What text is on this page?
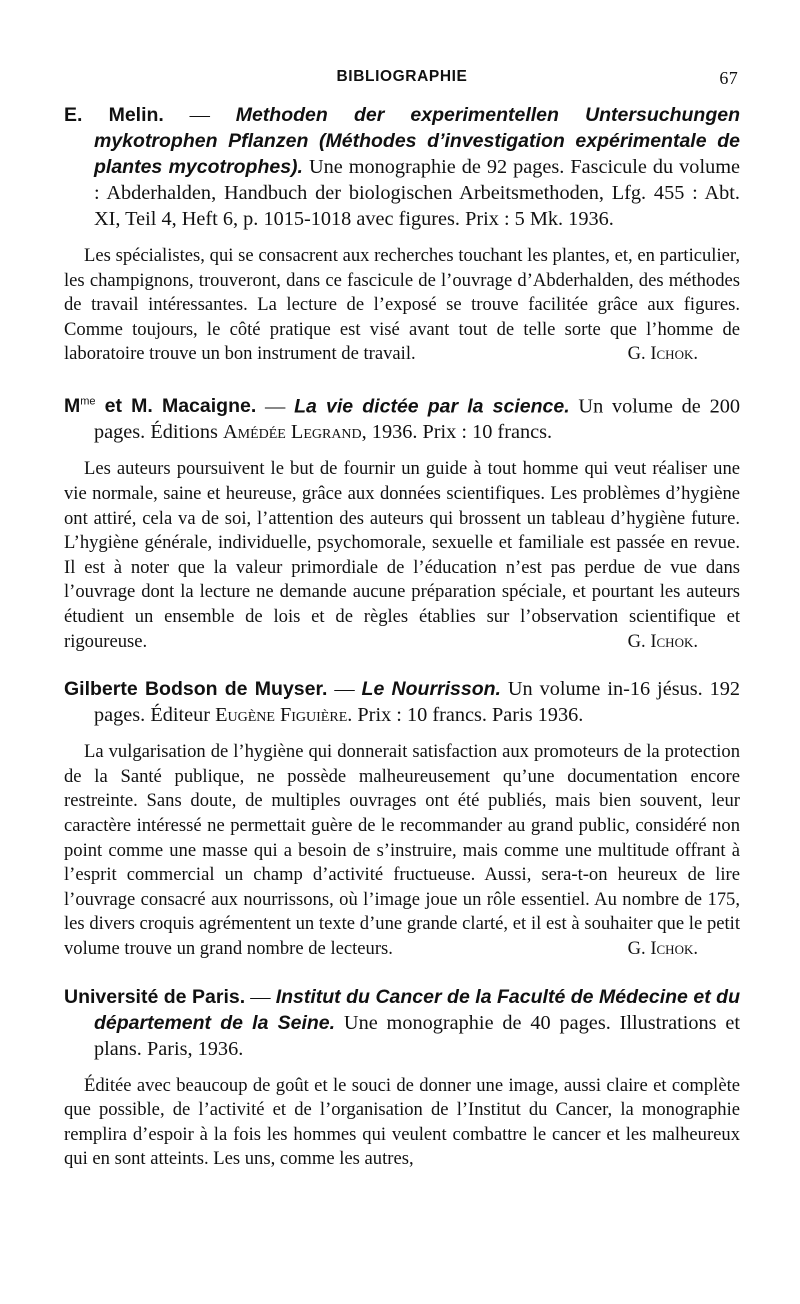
BIBLIOGRAPHIE	67
E. Melin. — Methoden der experimentellen Untersuchungen mykotrophen Pflanzen (Méthodes d’investigation expérimentale de plantes mycotrophes). Une monographie de 92 pages. Fascicule du volume : Abderhalden, Handbuch der biologischen Arbeitsmethoden, Lfg. 455 : Abt. XI, Teil 4, Heft 6, p. 1015-1018 avec figures. Prix : 5 Mk. 1936.

Les spécialistes, qui se consacrent aux recherches touchant les plantes, et, en particulier, les champignons, trouveront, dans ce fascicule de l’ouvrage d’Abderhalden, des méthodes de travail intéressantes. La lecture de l’exposé se trouve facilitée grâce aux figures. Comme toujours, le côté pratique est visé avant tout de telle sorte que l’homme de laboratoire trouve un bon instrument de travail.	G. Ichok.

$M^{me}$ et M. Macaigne. — La vie dictée par la science. Un volume de 200 pages. Éditions Amédée Legrand, 1936. Prix : 10 francs.

Les auteurs poursuivent le but de fournir un guide à tout homme qui veut réaliser une vie normale, saine et heureuse, grâce aux données scientifiques. Les problèmes d’hygiène ont attiré, cela va de soi, l’attention des auteurs qui brossent un tableau d’hygiène future. L’hygiène générale, individuelle, psychomorale, sexuelle et familiale est passée en revue. Il est à noter que la valeur primordiale de l’éducation n’est pas perdue de vue dans l’ouvrage dont la lecture ne demande aucune préparation spéciale, et pourtant les auteurs étudient un ensemble de lois et de règles établies sur l’observation scientifique et rigoureuse.	G. Ichok.

Gilberte Bodson de Muyser. — Le Nourrisson. Un volume in-16 jésus. 192 pages. Éditeur Eugène Figuière. Prix : 10 francs. Paris 1936.

La vulgarisation de l’hygiène qui donnerait satisfaction aux promoteurs de la protection de la Santé publique, ne possède malheureusement qu’une documentation encore restreinte. Sans doute, de multiples ouvrages ont été publiés, mais bien souvent, leur caractère intéressé ne permettait guère de le recommander au grand public, considéré non point comme une masse qui a besoin de s’instruire, mais comme une multitude offrant à l’esprit commercial un champ d’activité fructueuse. Aussi, sera-t-on heureux de lire l’ouvrage consacré aux nourrissons, où l’image joue un rôle essentiel. Au nombre de 175, les divers croquis agrémentent un texte d’une grande clarté, et il est à souhaiter que le petit volume trouve un grand nombre de lecteurs.	G. Ichok.

Université de Paris. — Institut du Cancer de la Faculté de Médecine et du département de la Seine. Une monographie de 40 pages. Illustrations et plans. Paris, 1936.

Éditée avec beaucoup de goût et le souci de donner une image, aussi claire et complète que possible, de l’activité et de l’organisation de l’Institut du Cancer, la monographie remplira d’espoir à la fois les hommes qui veulent combattre le cancer et les malheureux qui en sont atteints. Les uns, comme les autres,
